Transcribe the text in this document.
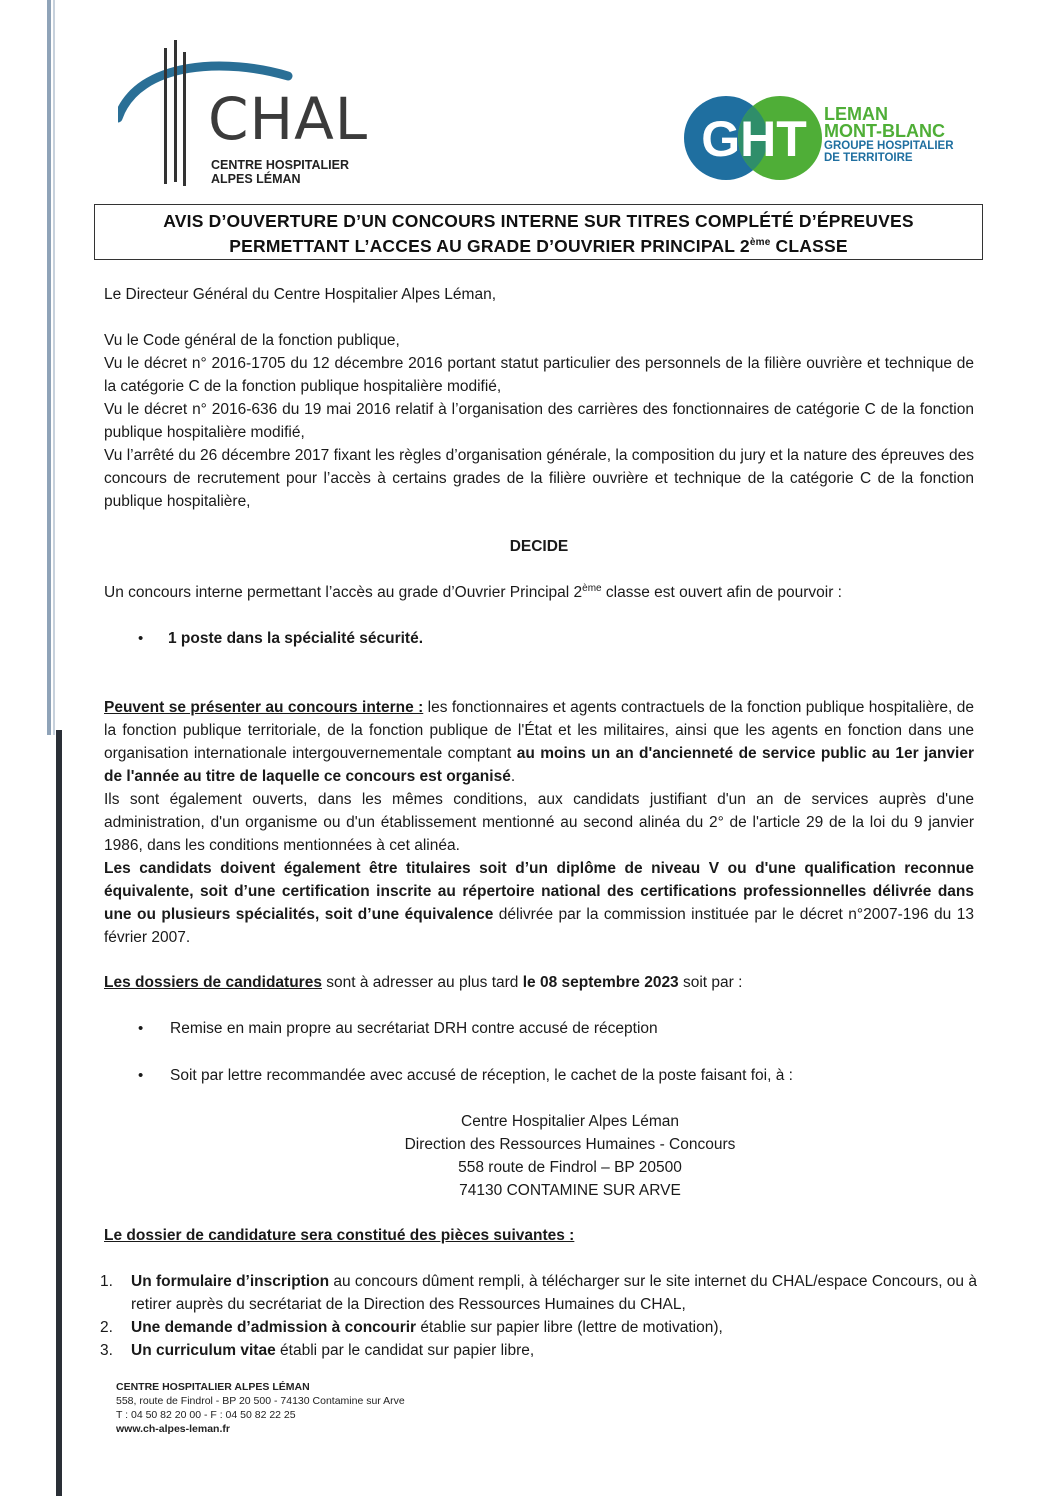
CHAL
CENTRE HOSPITALIER
ALPES LÉMAN
GHT LEMAN
MONT-BLANC
GROUPE HOSPITALIER
DE TERRITOIRE
AVIS D’OUVERTURE D’UN CONCOURS INTERNE SUR TITRES COMPLÉTÉ D’ÉPREUVES
PERMETTANT L’ACCES AU GRADE D’OUVRIER PRINCIPAL 2ème CLASSE
Le Directeur Général du Centre Hospitalier Alpes Léman,
Vu le Code général de la fonction publique,
Vu le décret n° 2016-1705 du 12 décembre 2016 portant statut particulier des personnels de la filière ouvrière et technique de la catégorie C de la fonction publique hospitalière modifié,
Vu le décret n° 2016-636 du 19 mai 2016 relatif à l’organisation des carrières des fonctionnaires de catégorie C de la fonction publique hospitalière modifié,
Vu l’arrêté du 26 décembre 2017 fixant les règles d’organisation générale, la composition du jury et la nature des épreuves des concours de recrutement pour l’accès à certains grades de la filière ouvrière et technique de la catégorie C de la fonction publique hospitalière,
DECIDE
Un concours interne permettant l’accès au grade d’Ouvrier Principal 2ème classe est ouvert afin de pourvoir :
• 1 poste dans la spécialité sécurité.
Peuvent se présenter au concours interne : les fonctionnaires et agents contractuels de la fonction publique hospitalière, de la fonction publique territoriale, de la fonction publique de l'État et les militaires, ainsi que les agents en fonction dans une organisation internationale intergouvernementale comptant au moins un an d'ancienneté de service public au 1er janvier de l'année au titre de laquelle ce concours est organisé.
Ils sont également ouverts, dans les mêmes conditions, aux candidats justifiant d'un an de services auprès d'une administration, d'un organisme ou d'un établissement mentionné au second alinéa du 2° de l'article 29 de la loi du 9 janvier 1986, dans les conditions mentionnées à cet alinéa.
Les candidats doivent également être titulaires soit d’un diplôme de niveau V ou d'une qualification reconnue équivalente, soit d’une certification inscrite au répertoire national des certifications professionnelles délivrée dans une ou plusieurs spécialités, soit d’une équivalence délivrée par la commission instituée par le décret n°2007-196 du 13 février 2007.
Les dossiers de candidatures sont à adresser au plus tard le 08 septembre 2023 soit par :
• Remise en main propre au secrétariat DRH contre accusé de réception
• Soit par lettre recommandée avec accusé de réception, le cachet de la poste faisant foi, à :
Centre Hospitalier Alpes Léman
Direction des Ressources Humaines - Concours
558 route de Findrol – BP 20500
74130 CONTAMINE SUR ARVE
Le dossier de candidature sera constitué des pièces suivantes :
1. Un formulaire d’inscription au concours dûment rempli, à télécharger sur le site internet du CHAL/espace Concours, ou à retirer auprès du secrétariat de la Direction des Ressources Humaines du CHAL,
2. Une demande d’admission à concourir établie sur papier libre (lettre de motivation),
3. Un curriculum vitae établi par le candidat sur papier libre,
CENTRE HOSPITALIER ALPES LÉMAN
558, route de Findrol - BP 20 500 - 74130 Contamine sur Arve
T : 04 50 82 20 00 - F : 04 50 82 22 25
www.ch-alpes-leman.fr
